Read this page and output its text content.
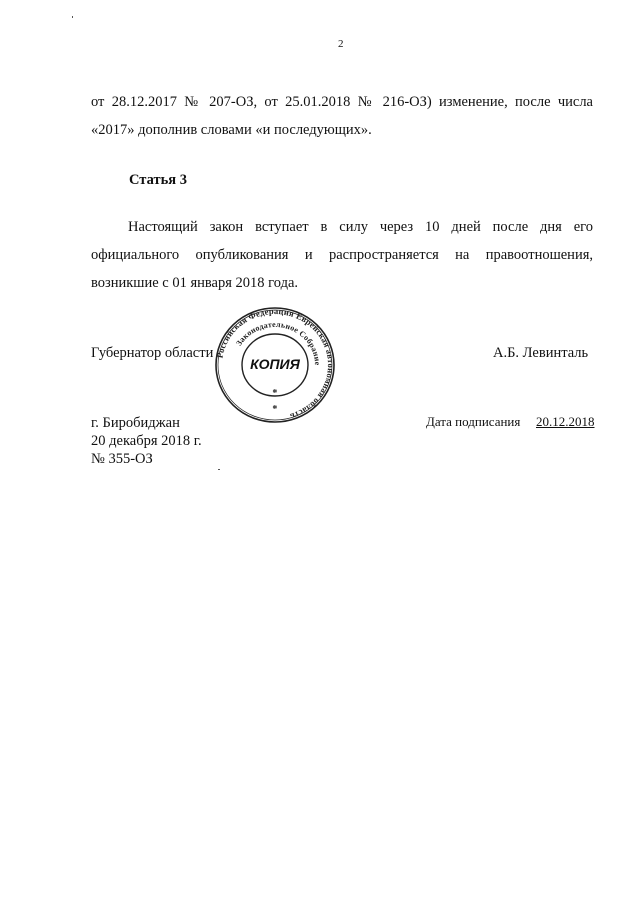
2
от 28.12.2017 № 207-ОЗ, от 25.01.2018 № 216-ОЗ) изменение, после числа
«2017» дополнив словами «и последующих».
Статья 3
Настоящий закон вступает в силу через 10 дней после дня его
официального опубликования и распространяется на правоотношения,
возникшие с 01 января 2018 года.
Губернатор области	А.Б. Левинталь
Российская Федерация Еврейская автономная область
Законодательное Собрание
КОПИЯ
*
*
г. Биробиджан
20 декабря 2018 г.
№ 355-ОЗ
Дата подписания 20.12.2018
